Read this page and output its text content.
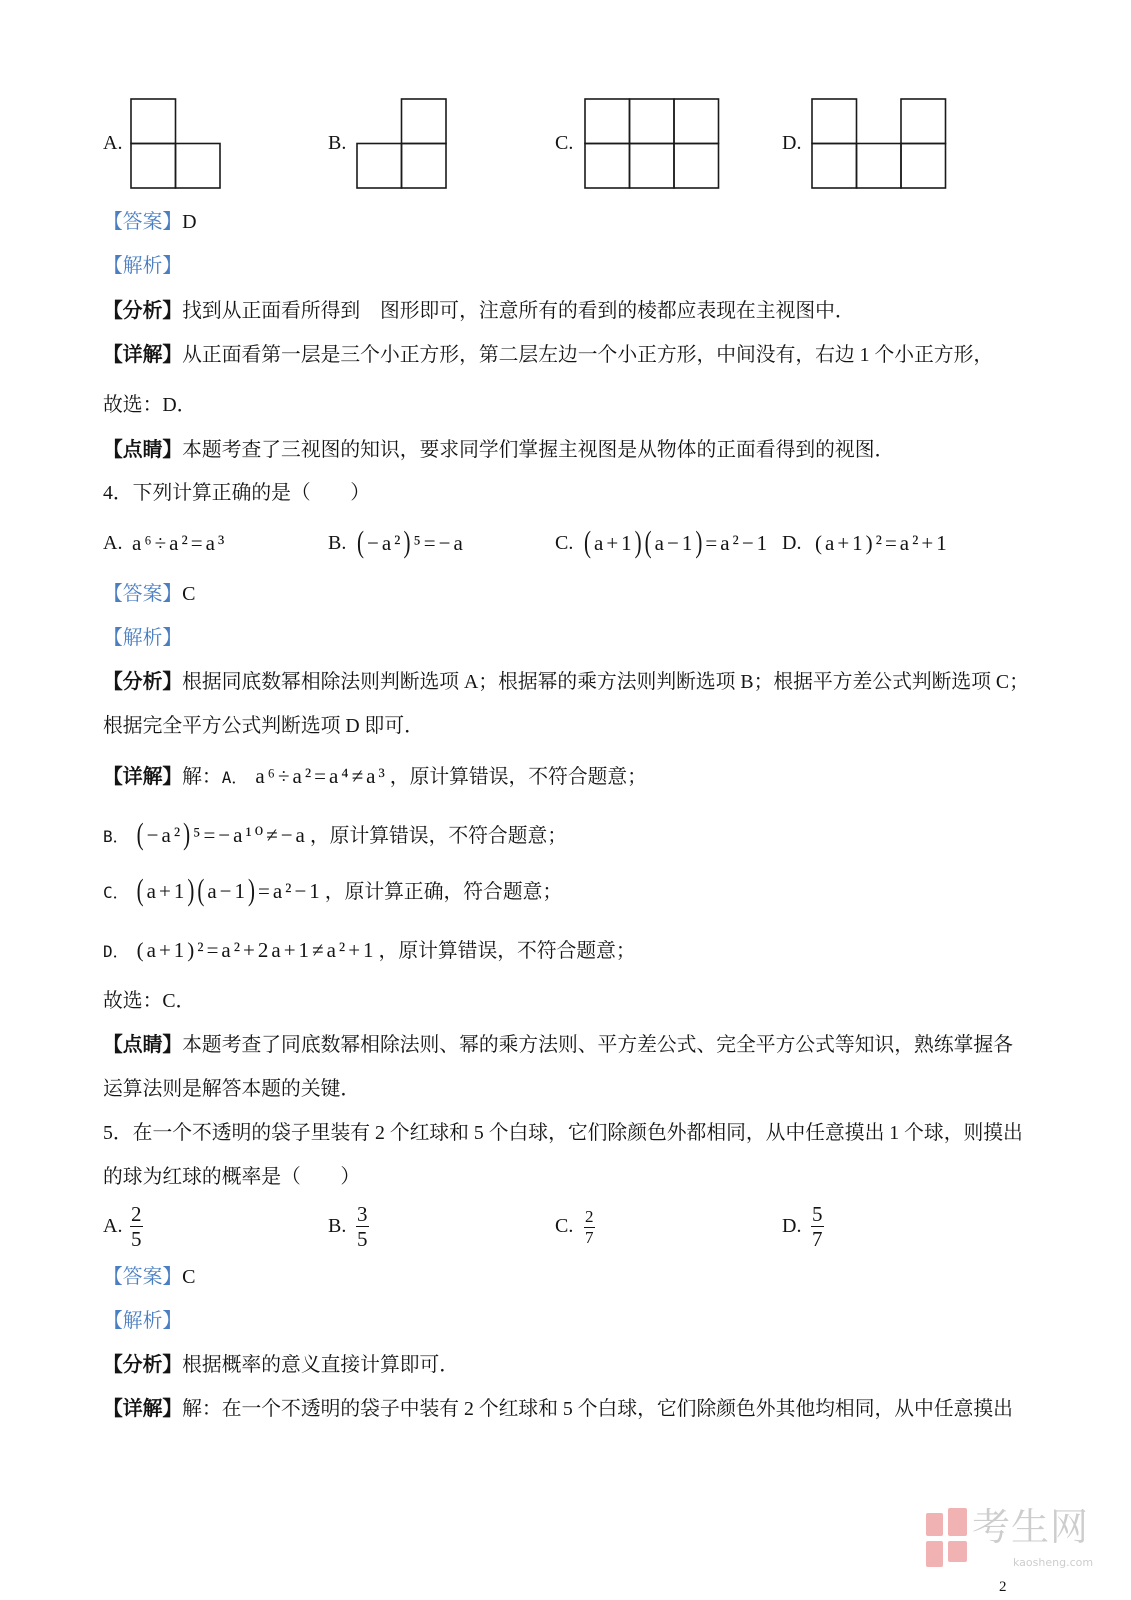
A.	B.	C.	D.
【答案】D
【解析】
【分析】找到从正面看所得到　图形即可，注意所有的看到的棱都应表现在主视图中．
【详解】从正面看第一层是三个小正方形，第二层左边一个小正方形，中间没有，右边 1 个小正方形，
故选：D．
【点睛】本题考查了三视图的知识，要求同学们掌握主视图是从物体的正面看得到的视图．
4．下列计算正确的是（　　）
A. a⁶÷a²=a³	B. (−a²)⁵=−a	C. (a+1)(a−1)=a²−1 D. (a+1)²=a²+1
【答案】C
【解析】
【分析】根据同底数幂相除法则判断选项 A；根据幂的乘方法则判断选项 B；根据平方差公式判断选项 C；
根据完全平方公式判断选项 D 即可．
【详解】解：A． a⁶÷a²=a⁴≠a³ ，原计算错误，不符合题意；
B． (−a²)⁵=−a¹⁰≠−a ，原计算错误，不符合题意；
C． (a+1)(a−1)=a²−1 ，原计算正确，符合题意；
D． (a+1)²=a²+2a+1≠a²+1 ，原计算错误，不符合题意；
故选：C．
【点睛】本题考查了同底数幂相除法则、幂的乘方法则、平方差公式、完全平方公式等知识，熟练掌握各
运算法则是解答本题的关键．
5．在一个不透明的袋子里装有 2 个红球和 5 个白球，它们除颜色外都相同，从中任意摸出 1 个球，则摸出
的球为红球的概率是（　　）
A. $\frac{2}{5}$	B. $\frac{3}{5}$	C. $\frac{2}{7}$	D. $\frac{5}{7}$
【答案】C
【解析】
【分析】根据概率的意义直接计算即可．
【详解】解：在一个不透明的袋子中装有 2 个红球和 5 个白球，它们除颜色外其他均相同，从中任意摸出
考生网
kaosheng.com
2
